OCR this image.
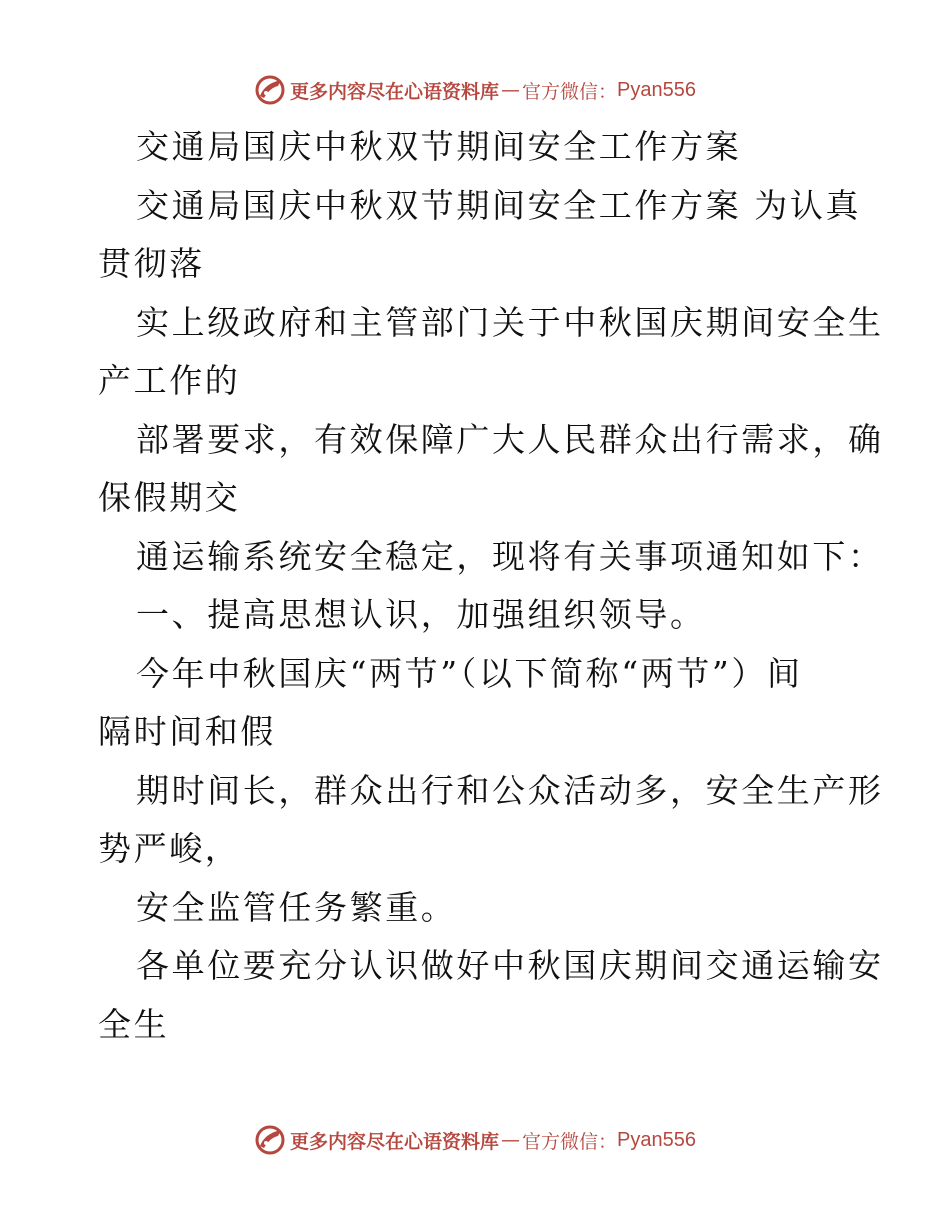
更多内容尽在心语资料库 — 官方微信： Pyan556
交通局国庆中秋双节期间安全工作方案
交通局国庆中秋双节期间安全工作方案 为认真
贯彻落
实上级政府和主管部门关于中秋国庆期间安全生
产工作的
部署要求，有效保障广大人民群众出行需求，确
保假期交
通运输系统安全稳定，现将有关事项通知如下：
一、提高思想认识，加强组织领导。
今年中秋国庆“两节”（以下简称“两节”）间
隔时间和假
期时间长，群众出行和公众活动多，安全生产形
势严峻，
安全监管任务繁重。
各单位要充分认识做好中秋国庆期间交通运输安
全生
更多内容尽在心语资料库 — 官方微信： Pyan556
